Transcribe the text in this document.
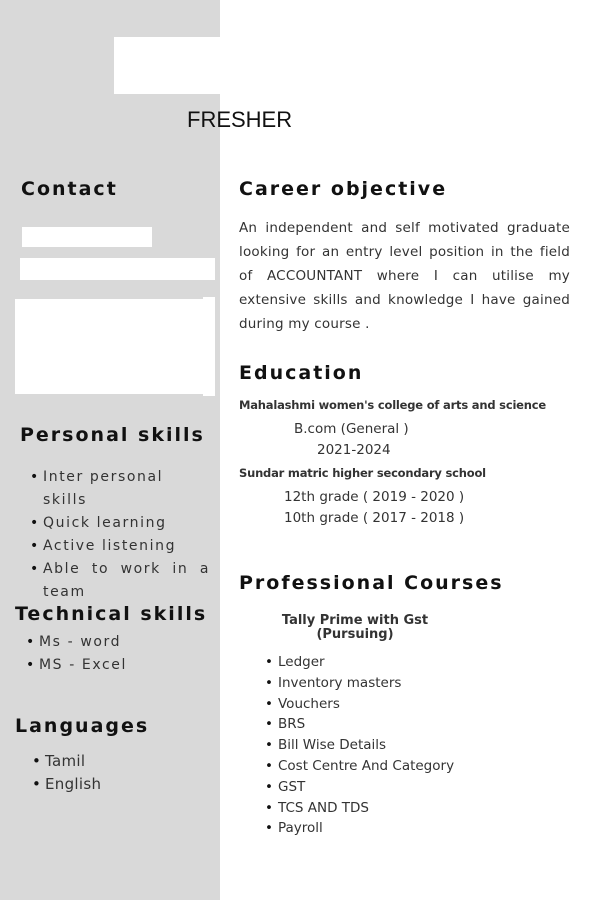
FRESHER
Contact
Personal skills
• Inter personal skills
• Quick learning
• Active listening
• Able to work in a team
Technical skills
• Ms - word
• MS - Excel
Languages
• Tamil
• English
Career objective
An independent and self motivated graduate looking for an entry level position in the field of ACCOUNTANT where I can utilise my extensive skills and knowledge I have gained during my course .
Education
Mahalashmi women's college of arts and science
B.com (General )
2021-2024
Sundar matric higher secondary school
12th grade ( 2019 - 2020 )
10th grade ( 2017 - 2018 )
Professional Courses
Tally Prime with Gst
(Pursuing)
• Ledger
• Inventory masters
• Vouchers
• BRS
• Bill Wise Details
• Cost Centre And Category
• GST
• TCS AND TDS
• Payroll
